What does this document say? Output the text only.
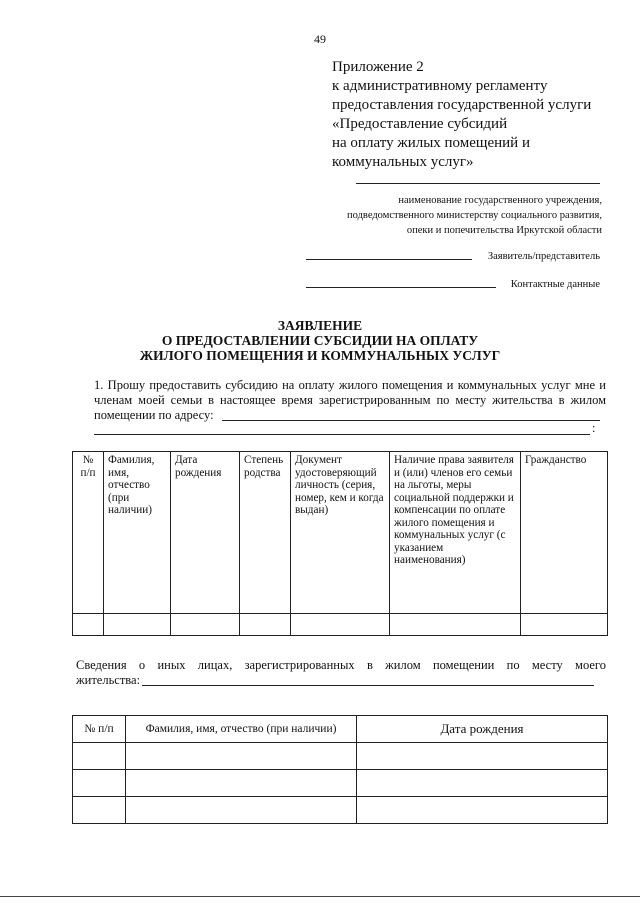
49
Приложение 2
к административному регламенту
предоставления государственной услуги
«Предоставление субсидий
на оплату жилых помещений и
коммунальных услуг»
наименование государственного учреждения,
подведомственного министерству социального развития,
опеки и попечительства Иркутской области
Заявитель/представитель
Контактные данные
ЗАЯВЛЕНИЕ
О ПРЕДОСТАВЛЕНИИ СУБСИДИИ НА ОПЛАТУ
ЖИЛОГО ПОМЕЩЕНИЯ И КОММУНАЛЬНЫХ УСЛУГ
1. Прошу предоставить субсидию на оплату жилого помещения и коммунальных услуг мне и членам моей семьи в настоящее время зарегистрированным по месту жительства в жилом помещении по адресу:
:
№ п/п	Фамилия, имя, отчество (при наличии)	Дата рождения	Степень родства	Документ удостоверяющий личность (серия, номер, кем и когда выдан)	Наличие права заявителя и (или) членов его семьи на льготы, меры социальной поддержки и компенсации по оплате жилого помещения и коммунальных услуг (с указанием наименования)	Гражданство

Сведения о иных лицах, зарегистрированных в жилом помещении по месту моего
жительства:
№ п/п	Фамилия, имя, отчество (при наличии)	Дата рождения
